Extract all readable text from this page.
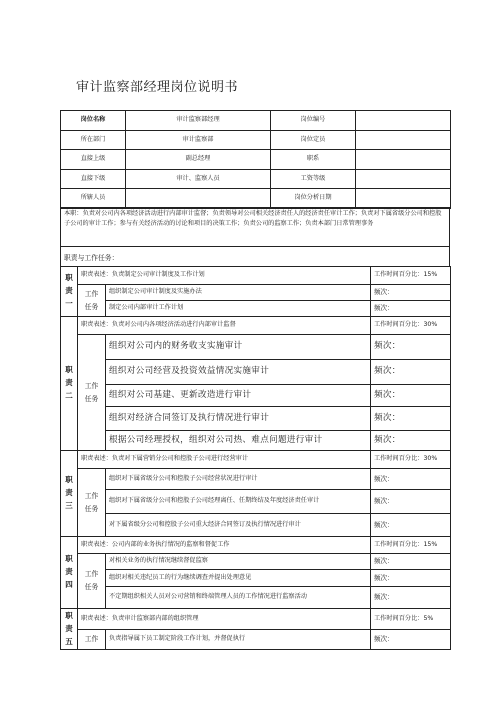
审计监察部经理岗位说明书
岗位名称	审计监察部经理	岗位编号	
所在部门	审计监察部	岗位定员	
直接上级	副总经理	职系	
直接下级	审计、监察人员	工资等级	
所辖人员		岗位分析日期	
本职：负责对公司内各项经济活动进行内部审计监督；负责领导对公司相关经济责任人的经济责任审计工作；负责对下属省级分公司和控股子公司的审计工作；参与有关经济活动的讨论和项目的决策工作；负责公司的监察工作；负责本部门日常管理事务
职责与工作任务：
职
责
一	职责表述：负责制定公司审计制度及工作计划		工作时间百分比：15%
	工作
任务	组织制定公司审计制度及实施办法	频次：
		制定公司内部审计工作计划	频次：
职
责
二	职责表述：负责对公司内各项经济活动进行内部审计监督		工作时间百分比：30%
	工作
任务	组织对公司内的财务收支实施审计	频次：
		组织对公司经营及投资效益情况实施审计	频次：
		组织对公司基建、更新改造进行审计	频次：
		组织对经济合同签订及执行情况进行审计	频次：
		根据公司经理授权，组织对公司热、难点问题进行审计	频次：
职
责
三	职责表述：负责对下属营销分公司和控股子公司进行经营审计		工作时间百分比：30%
	工作
任务	组织对下属省级分公司和控股子公司经营状况进行审计	频次：
		组织对下属省级分公司和控股子公司经理离任、任期终结及年度经济责任审计	频次：
		对下属省级分公司和控股子公司重大经济合同签订及执行情况进行审计	频次：
职
责
四	职责表述：公司内部的业务执行情况的监察和督促工作		工作时间百分比：15%
	工作
任务	对相关业务的执行情况继续督促监察	频次：
		组织对相关违纪员工的行为继续调查并提出处理意见	频次：
		不定期组织相关人员对公司营销和终端管理人员的工作情况进行监察活动	频次：
职
责
五	职责表述：负责审计监察部内部的组织管理		工作时间百分比：5%
	工作	负责指导属下员工制定阶段工作计划，并督促执行	频次：
